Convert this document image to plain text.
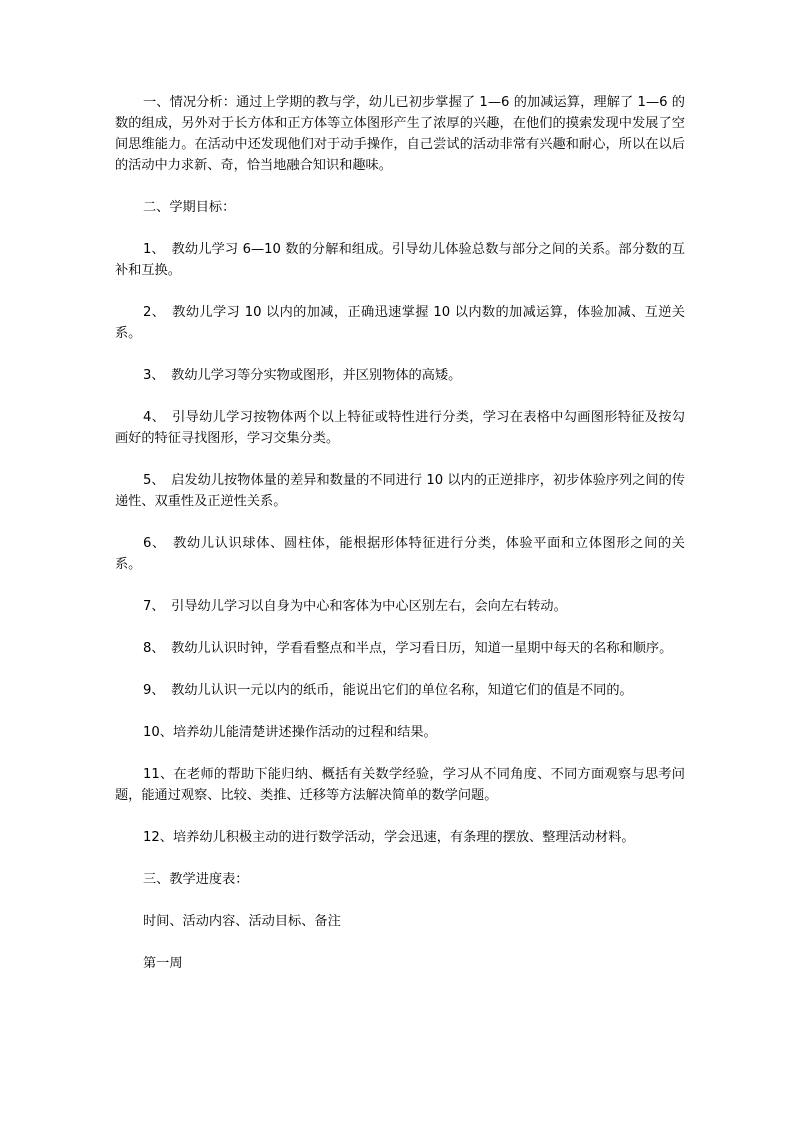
一、情况分析：通过上学期的教与学，幼儿已初步掌握了 1—6 的加减运算，理解了 1—6 的数的组成，另外对于长方体和正方体等立体图形产生了浓厚的兴趣，在他们的摸索发现中发展了空间思维能力。在活动中还发现他们对于动手操作，自己尝试的活动非常有兴趣和耐心，所以在以后的活动中力求新、奇，恰当地融合知识和趣味。

二、学期目标：

1、　教幼儿学习 6—10 数的分解和组成。引导幼儿体验总数与部分之间的关系。部分数的互补和互换。

2、　教幼儿学习 10 以内的加减，正确迅速掌握 10 以内数的加减运算，体验加减、互逆关系。

3、　教幼儿学习等分实物或图形，并区别物体的高矮。

4、　引导幼儿学习按物体两个以上特征或特性进行分类，学习在表格中勾画图形特征及按勾画好的特征寻找图形，学习交集分类。

5、　启发幼儿按物体量的差异和数量的不同进行 10 以内的正逆排序，初步体验序列之间的传递性、双重性及正逆性关系。

6、　教幼儿认识球体、圆柱体，能根据形体特征进行分类，体验平面和立体图形之间的关系。

7、　引导幼儿学习以自身为中心和客体为中心区别左右，会向左右转动。

8、　教幼儿认识时钟，学看看整点和半点，学习看日历，知道一星期中每天的名称和顺序。

9、　教幼儿认识一元以内的纸币，能说出它们的单位名称，知道它们的值是不同的。

10、培养幼儿能清楚讲述操作活动的过程和结果。

11、在老师的帮助下能归纳、概括有关数学经验，学习从不同角度、不同方面观察与思考问题，能通过观察、比较、类推、迁移等方法解决简单的数学问题。

12、培养幼儿积极主动的进行数学活动，学会迅速，有条理的摆放、整理活动材料。

三、教学进度表：

时间、活动内容、活动目标、备注

第一周
